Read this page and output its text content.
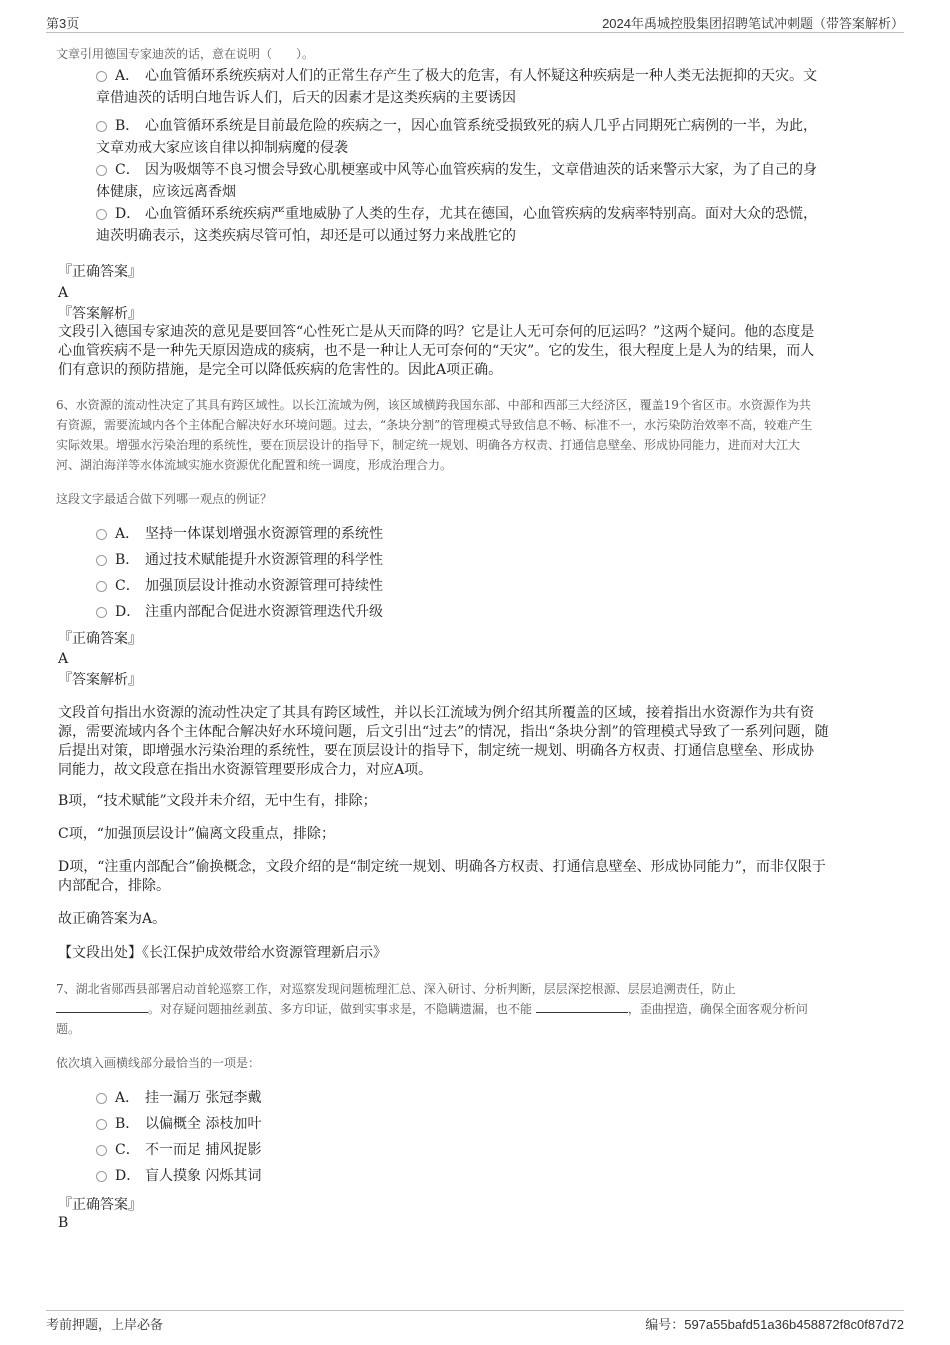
第3页	2024年禹城控股集团招聘笔试冲刺题（带答案解析）
文章引用德国专家迪茨的话，意在说明（　　）。
A． 心血管循环系统疾病对人们的正常生存产生了极大的危害，有人怀疑这种疾病是一种人类无法扼抑的天灾。文
章借迪茨的话明白地告诉人们，后天的因素才是这类疾病的主要诱因
B． 心血管循环系统是目前最危险的疾病之一，因心血管系统受损致死的病人几乎占同期死亡病例的一半，为此，
文章劝戒大家应该自律以抑制病魔的侵袭
C． 因为吸烟等不良习惯会导致心肌梗塞或中风等心血管疾病的发生，文章借迪茨的话来警示大家，为了自己的身
体健康，应该远离香烟
D． 心血管循环系统疾病严重地威胁了人类的生存，尤其在德国，心血管疾病的发病率特别高。面对大众的恐慌，
迪茨明确表示，这类疾病尽管可怕，却还是可以通过努力来战胜它的
『正确答案』
A
『答案解析』
文段引入德国专家迪茨的意见是要回答“心性死亡是从天而降的吗？它是让人无可奈何的厄运吗？”这两个疑问。他的态度是
心血管疾病不是一种先天原因造成的痰病，也不是一种让人无可奈何的“天灾”。它的发生，很大程度上是人为的结果，而人
们有意识的预防措施，是完全可以降低疾病的危害性的。因此A项正确。
6、水资源的流动性决定了其具有跨区域性。以长江流域为例，该区域横跨我国东部、中部和西部三大经济区，覆盖19个省区市。水资源作为共
有资源，需要流域内各个主体配合解决好水环境问题。过去，“条块分割”的管理模式导致信息不畅、标准不一，水污染防治效率不高，较难产生
实际效果。增强水污染治理的系统性，要在顶层设计的指导下，制定统一规划、明确各方权责、打通信息壁垒、形成协同能力，进而对大江大
河、湖泊海洋等水体流域实施水资源优化配置和统一调度，形成治理合力。
这段文字最适合做下列哪一观点的例证？
A． 坚持一体谋划增强水资源管理的系统性
B． 通过技术赋能提升水资源管理的科学性
C． 加强顶层设计推动水资源管理可持续性
D． 注重内部配合促进水资源管理迭代升级
『正确答案』
A
『答案解析』
文段首句指出水资源的流动性决定了其具有跨区域性，并以长江流域为例介绍其所覆盖的区域，接着指出水资源作为共有资
源，需要流域内各个主体配合解决好水环境问题，后文引出“过去”的情况，指出“条块分割”的管理模式导致了一系列问题，随
后提出对策，即增强水污染治理的系统性，要在顶层设计的指导下，制定统一规划、明确各方权责、打通信息壁垒、形成协
同能力，故文段意在指出水资源管理要形成合力，对应A项。
B项，“技术赋能”文段并未介绍，无中生有，排除；
C项，“加强顶层设计”偏离文段重点，排除；
D项，“注重内部配合”偷换概念，文段介绍的是“制定统一规划、明确各方权责、打通信息壁垒、形成协同能力”，而非仅限于
内部配合，排除。
故正确答案为A。
【文段出处】《长江保护成效带给水资源管理新启示》
7、湖北省郧西县部署启动首轮巡察工作，对巡察发现问题梳理汇总、深入研讨、分析判断，层层深挖根源、层层追溯责任，防止
。对存疑问题抽丝剥茧、多方印证，做到实事求是，不隐瞒遗漏，也不能	，歪曲捏造，确保全面客观分析问
题。
依次填入画横线部分最恰当的一项是：
A． 挂一漏万 张冠李戴
B． 以偏概全 添枝加叶
C． 不一而足 捕风捉影
D． 盲人摸象 闪烁其词
『正确答案』
B
考前押题，上岸必备	编号：597a55bafd51a36b458872f8c0f87d72
